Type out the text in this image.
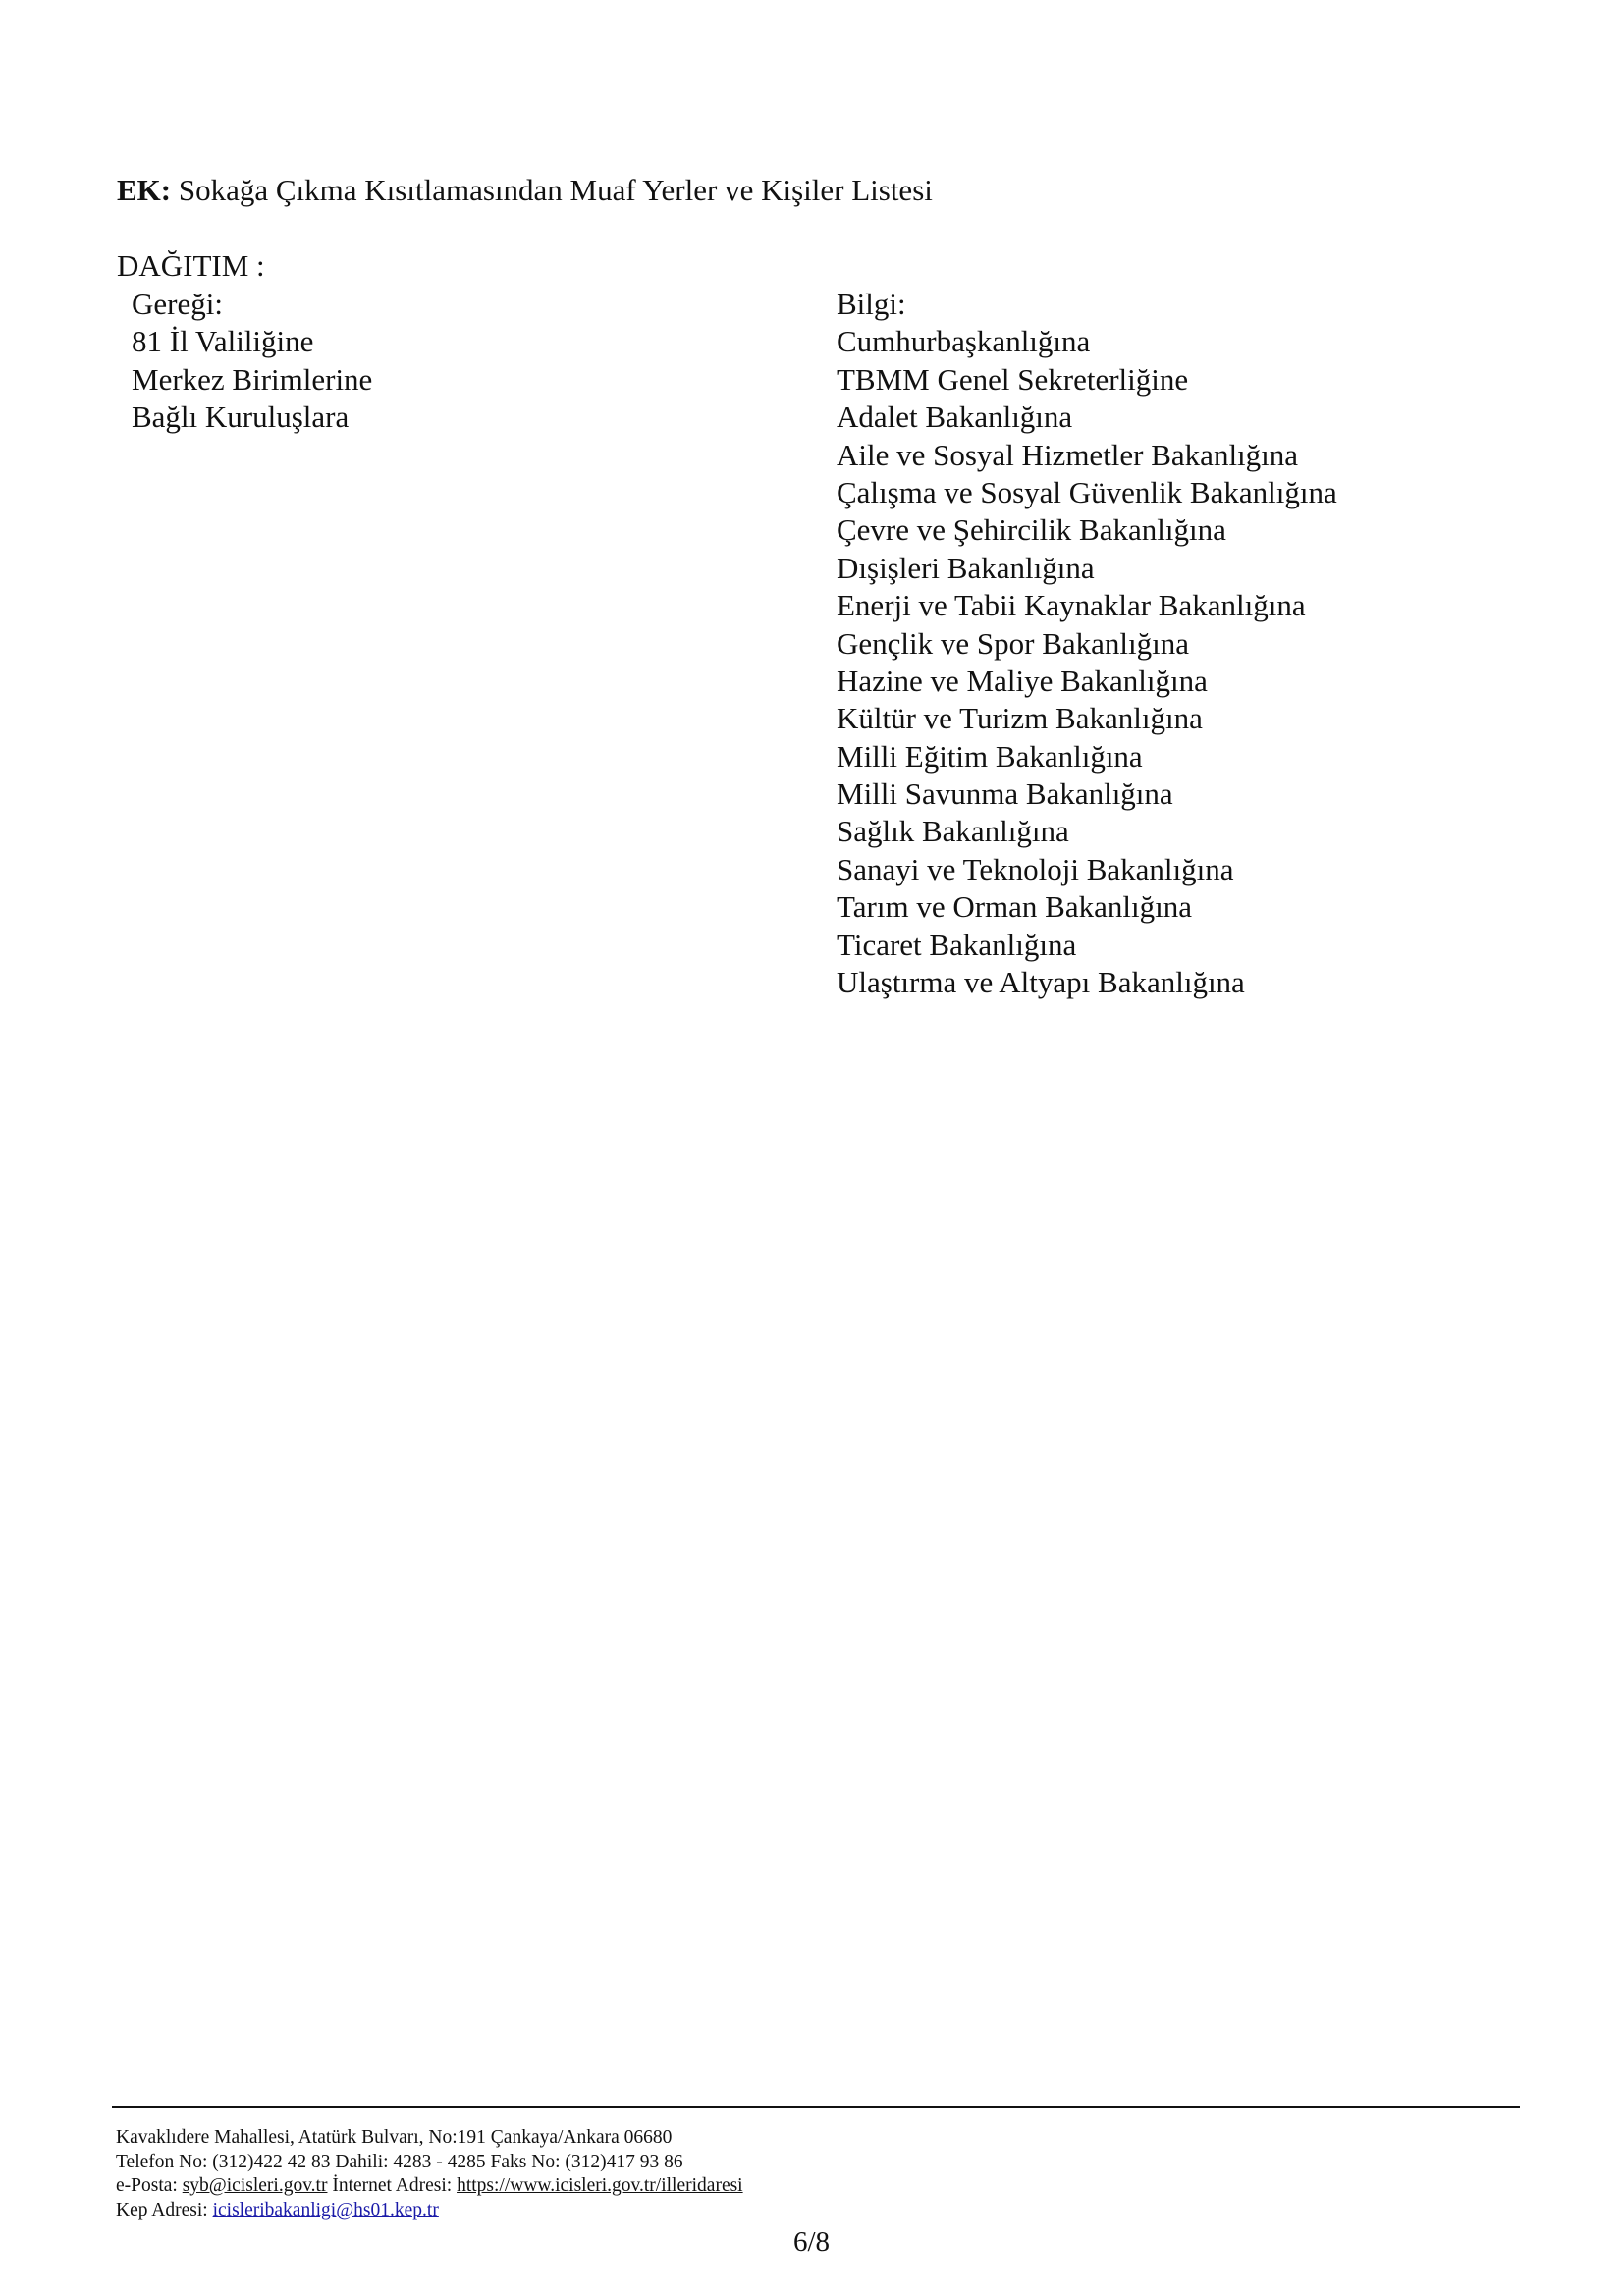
EK: Sokağa Çıkma Kısıtlamasından Muaf Yerler ve Kişiler Listesi
DAĞITIM :
Gereği:
81 İl Valiliğine
Merkez Birimlerine
Bağlı Kuruluşlara
Bilgi:
Cumhurbaşkanlığına
TBMM Genel Sekreterliğine
Adalet Bakanlığına
Aile ve Sosyal Hizmetler Bakanlığına
Çalışma ve Sosyal Güvenlik Bakanlığına
Çevre ve Şehircilik Bakanlığına
Dışişleri Bakanlığına
Enerji ve Tabii Kaynaklar Bakanlığına
Gençlik ve Spor Bakanlığına
Hazine ve Maliye Bakanlığına
Kültür ve Turizm Bakanlığına
Milli Eğitim Bakanlığına
Milli Savunma Bakanlığına
Sağlık Bakanlığına
Sanayi ve Teknoloji Bakanlığına
Tarım ve Orman Bakanlığına
Ticaret Bakanlığına
Ulaştırma ve Altyapı Bakanlığına
Kavaklıdere Mahallesi, Atatürk Bulvarı, No:191 Çankaya/Ankara 06680
Telefon No: (312)422 42 83 Dahili: 4283 - 4285 Faks No: (312)417 93 86
e-Posta: syb@icisleri.gov.tr İnternet Adresi: https://www.icisleri.gov.tr/illeridaresi
Kep Adresi: icisleribakanligi@hs01.kep.tr
6/8
